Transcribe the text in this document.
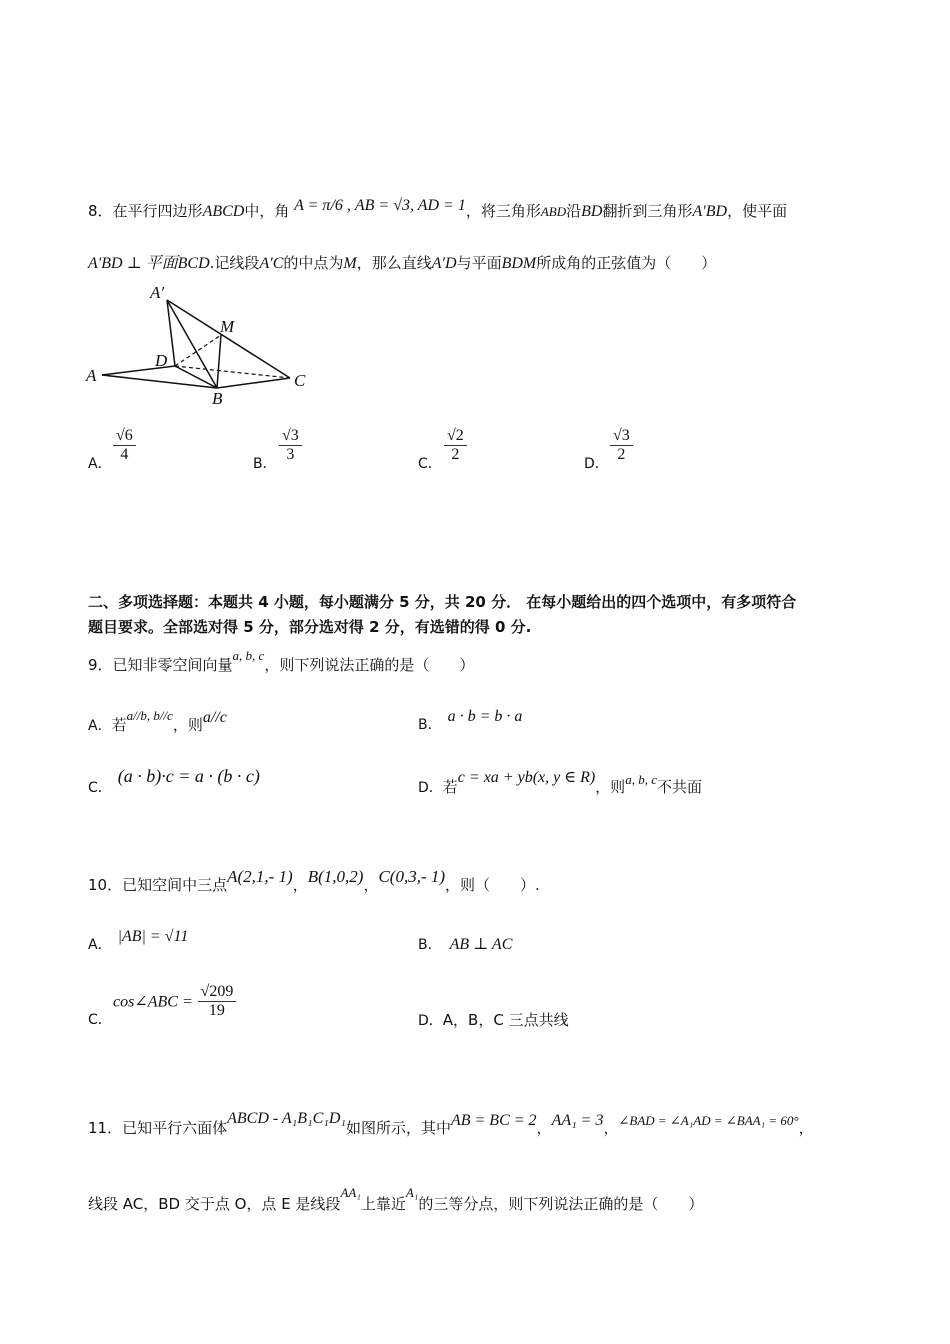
8．在平行四边形ABCD中，角 A = π/6 , AB = √3, AD = 1，将三角形ABD沿BD翻折到三角形A′BD，使平面
A′BD ⊥ 平面BCD.记线段A′C的中点为M，那么直线A′D与平面BDM所成角的正弦值为（　　）
A′
M
D
A
B
C
A． $\frac{√6}{4}$	B． $\frac{√3}{3}$	C． $\frac{√2}{2}$	D． $\frac{√3}{2}$
二、多项选择题：本题共 4 小题，每小题满分 5 分，共 20 分． 在每小题给出的四个选项中，有多项符合
题目要求。全部选对得 5 分，部分选对得 2 分，有选错的得 0 分.
9．已知非零空间向量a, b, c，则下列说法正确的是（　　）
A．若a//b, b//c，则a//c	B． a · b = b · a
C．(a · b)·c = a · (b · c)
D．若c = xa + yb(x, y ∈ R)，则a, b, c不共面
10．已知空间中三点A(2,1,- 1)，B(1,0,2)，C(0,3,- 1)，则（　　）.
A． |AB| = √11	B． AB ⊥ AC
C．
cos∠ABC = $\frac{√209}{19}$
D．A，B，C 三点共线
11．已知平行六面体ABCD - A₁B₁C₁D₁如图所示，其中AB = BC = 2，AA₁ = 3，∠BAD = ∠A₁AD = ∠BAA₁ = 60°，
线段 AC，BD 交于点 O，点 E 是线段AA₁上靠近A₁的三等分点，则下列说法正确的是（　　）
